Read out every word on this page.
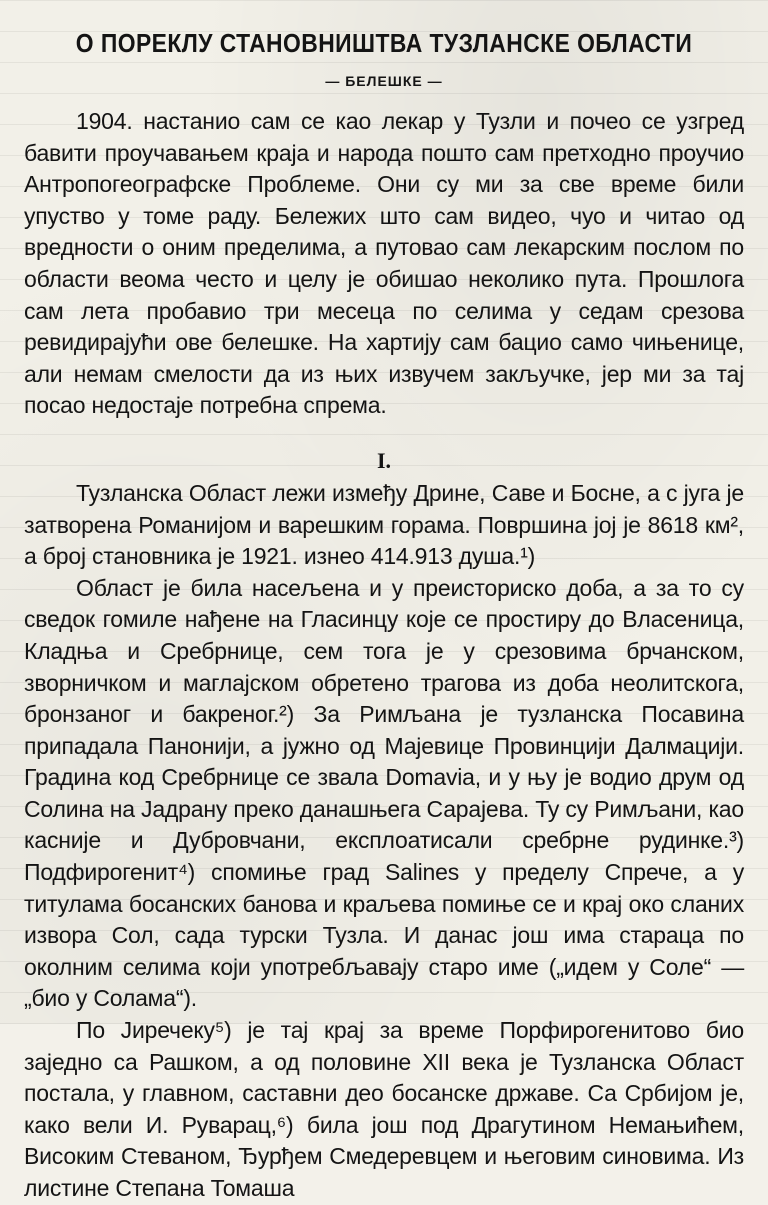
О ПОРЕКЛУ СТАНОВНИШТВА ТУЗЛАНСКЕ ОБЛАСТИ
— БЕЛЕШКЕ —

1904. настанио сам се као лекар у Тузли и почео се узгред бавити проучавањем краја и народа пошто сам претходно проучио Антропогеографске Проблеме. Они су ми за све време били упуство у томе раду. Бележих што сам видео, чуо и читао од вредности о оним пределима, а путовао сам лекарским послом по области веома често и целу је обишао неколико пута. Прошлога сам лета пробавио три месеца по селима у седам срезова ревидирајући ове белешке. На хартију сам бацио само чињенице, али немам смелости да из њих извучем закључке, јер ми за тај посао недостаје потребна спрема.

I.

Тузланска Област лежи између Дрине, Саве и Босне, а с југа је затворена Романијом и варешким горама. Површина јој је 8618 км², а број становника је 1921. изнео 414.913 душа.¹)

Област је била насељена и у преисториско доба, а за то су сведок гомиле нађене на Гласинцу које се простиру до Власеница, Кладња и Сребрнице, сем тога је у срезовима брчанском, зворничком и маглајском обретено трагова из доба неолитскога, бронзаног и бакреног.²) За Римљана је тузланска Посавина припадала Панонији, а јужно од Мајевице Провинцији Далмацији. Градина код Сребрнице се звала Domavia, и у њу је водио друм од Солина на Јадрану преко данашњега Сарајева. Ту су Римљани, као касније и Дубровчани, експлоатисали сребрне рудинке.³) Подфирогенит⁴) спомиње град Salines у пределу Спрече, а у титулама босанских банова и краљева помиње се и крај око сланих извора Сол, сада турски Тузла. И данас још има стараца по околним селима који употребљавају старо име („идем у Соле“ — „био у Солама“).

По Јиречеку⁵) је тај крај за време Порфирогенитово био заједно са Рашком, а од половине XII века је Тузланска Област постала, у главном, саставни део босанске државе. Са Србијом је, како вели И. Руварац,⁶) била још под Драгутином Немањићем, Високим Стеваном, Ђурђем Смедеревцем и његовим синовима. Из листине Степана Томаша
